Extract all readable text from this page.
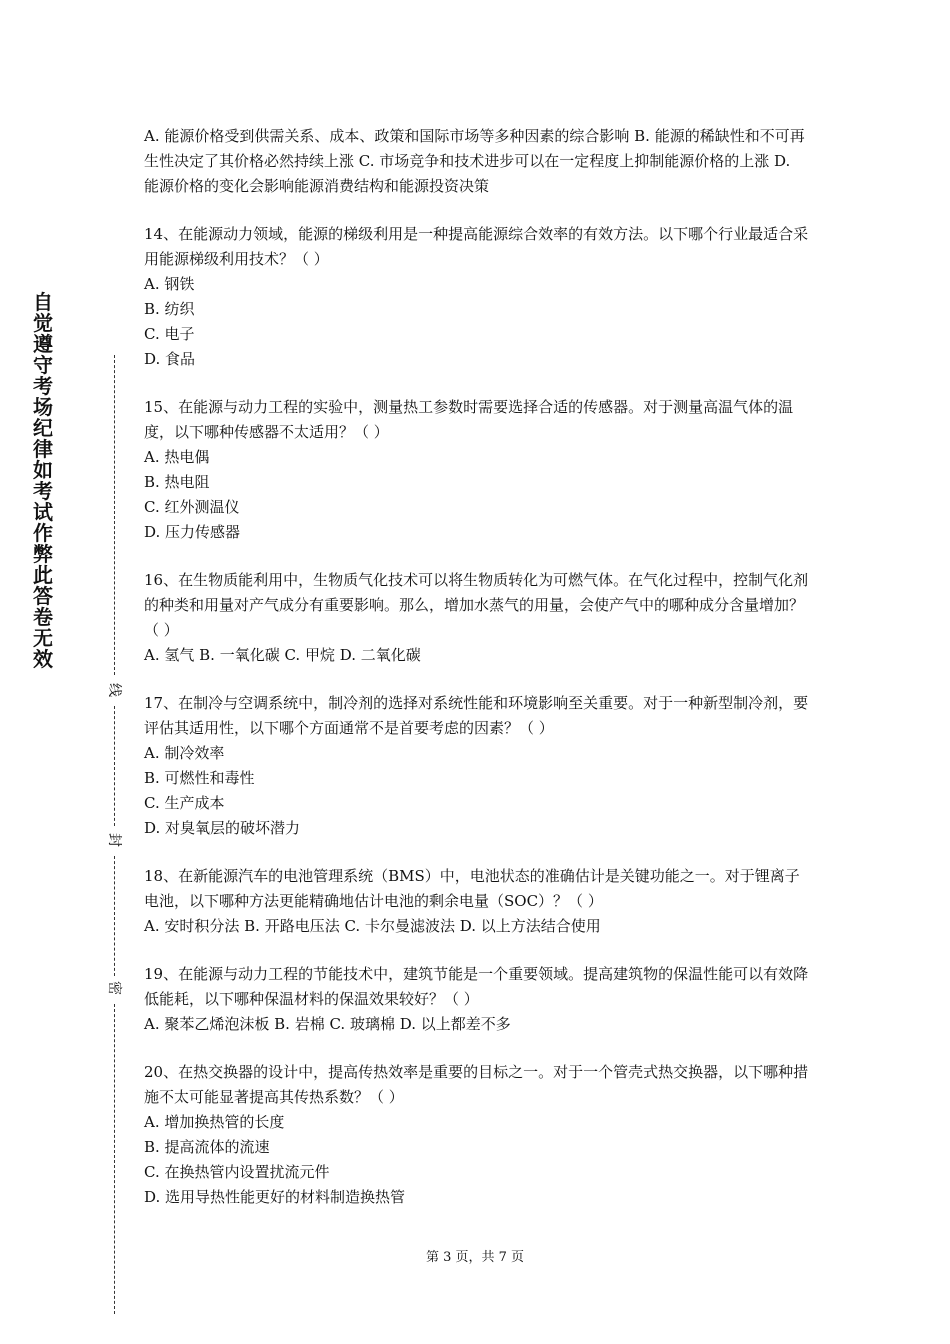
自觉遵守考场纪律如考试作弊此答卷无效
线
封
密

A. 能源价格受到供需关系、成本、政策和国际市场等多种因素的综合影响 B. 能源的稀缺性和不可再生性决定了其价格必然持续上涨 C. 市场竞争和技术进步可以在一定程度上抑制能源价格的上涨 D. 能源价格的变化会影响能源消费结构和能源投资决策

14、在能源动力领域，能源的梯级利用是一种提高能源综合效率的有效方法。以下哪个行业最适合采用能源梯级利用技术？（ ）

A. 钢铁

B. 纺织

C. 电子

D. 食品

15、在能源与动力工程的实验中，测量热工参数时需要选择合适的传感器。对于测量高温气体的温度，以下哪种传感器不太适用？（ ）

A. 热电偶

B. 热电阻

C. 红外测温仪

D. 压力传感器

16、在生物质能利用中，生物质气化技术可以将生物质转化为可燃气体。在气化过程中，控制气化剂的种类和用量对产气成分有重要影响。那么，增加水蒸气的用量，会使产气中的哪种成分含量增加？（ ）

A. 氢气 B. 一氧化碳 C. 甲烷 D. 二氧化碳

17、在制冷与空调系统中，制冷剂的选择对系统性能和环境影响至关重要。对于一种新型制冷剂，要评估其适用性，以下哪个方面通常不是首要考虑的因素？（ ）

A. 制冷效率

B. 可燃性和毒性

C. 生产成本

D. 对臭氧层的破坏潜力

18、在新能源汽车的电池管理系统（BMS）中，电池状态的准确估计是关键功能之一。对于锂离子电池，以下哪种方法更能精确地估计电池的剩余电量（SOC）？（ ）

A. 安时积分法 B. 开路电压法 C. 卡尔曼滤波法 D. 以上方法结合使用

19、在能源与动力工程的节能技术中，建筑节能是一个重要领域。提高建筑物的保温性能可以有效降低能耗，以下哪种保温材料的保温效果较好？（ ）

A. 聚苯乙烯泡沫板 B. 岩棉 C. 玻璃棉 D. 以上都差不多

20、在热交换器的设计中，提高传热效率是重要的目标之一。对于一个管壳式热交换器，以下哪种措施不太可能显著提高其传热系数？（ ）

A. 增加换热管的长度

B. 提高流体的流速

C. 在换热管内设置扰流元件

D. 选用导热性能更好的材料制造换热管

第 3 页，共 7 页
